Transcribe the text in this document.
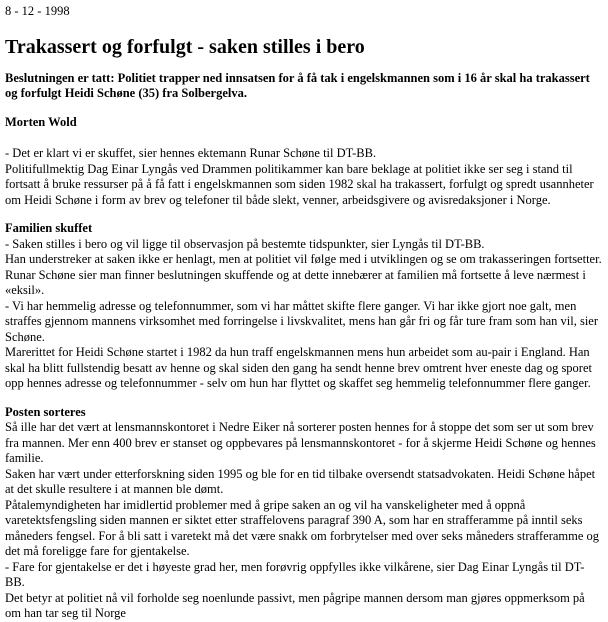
8 - 12 - 1998
Trakassert og forfulgt - saken stilles i bero
Beslutningen er tatt: Politiet trapper ned innsatsen for å få tak i engelskmannen som i 16 år skal ha trakassert og forfulgt Heidi Schøne (35) fra Solbergelva.
Morten Wold

- Det er klart vi er skuffet, sier hennes ektemann Runar Schøne til DT-BB.

Politifullmektig Dag Einar Lyngås ved Drammen politikammer kan bare beklage at politiet ikke ser seg i stand til fortsatt å bruke ressurser på å få fatt i engelskmannen som siden 1982 skal ha trakassert, forfulgt og spredt usannheter om Heidi Schøne i form av brev og telefoner til både slekt, venner, arbeidsgivere og avisredaksjoner i Norge.

Familien skuffet

- Saken stilles i bero og vil ligge til observasjon på bestemte tidspunkter, sier Lyngås til DT-BB.

Han understreker at saken ikke er henlagt, men at politiet vil følge med i utviklingen og se om trakasseringen fortsetter.

Runar Schøne sier man finner beslutningen skuffende og at dette innebærer at familien må fortsette å leve nærmest i «eksil».

- Vi har hemmelig adresse og telefonnummer, som vi har måttet skifte flere ganger. Vi har ikke gjort noe galt, men straffes gjennom mannens virksomhet med forringelse i livskvalitet, mens han går fri og får ture fram som han vil, sier Schøne.

Mareritt​et for Heidi Schøne startet i 1982 da hun traff engelskmannen mens hun arbeidet som au-pair i England. Han skal ha blitt fullstendig besatt av henne og skal siden den gang ha sendt henne brev omtrent hver eneste dag og sporet opp hennes adresse og telefonnummer - selv om hun har flyttet og skaffet seg hemmelig telefonnummer flere ganger.

Posten sorteres

Så ille har det vært at lensmannskontoret i Nedre Eiker nå sorterer posten hennes for å stoppe det som ser ut som brev fra mannen. Mer enn 400 brev er stanset og oppbevares på lensmannskontoret - for å skjerme Heidi Schøne og hennes familie.

Saken har vært under etterforskning siden 1995 og ble for en tid tilbake oversendt statsadvokaten. Heidi Schøne håpet at det skulle resultere i at mannen ble dømt.

Påtalemyndigheten har imidlertid problemer med å gripe saken an og vil ha vanskeligheter med å oppnå varetektsfengsling siden mannen er siktet etter straffelovens paragraf 390 A, som har en strafferamme på inntil seks måneders fengsel. For å bli satt i varetekt må det være snakk om forbrytelser med over seks måneders strafferamme og det må foreligge fare for gjentakelse.

- Fare for gjentakelse er det i høyeste grad her, men forøvrig oppfylles ikke vilkårene, sier Dag Einar Lyngås til DT-BB.

Det betyr at politiet nå vil forholde seg noenlunde passivt, men pågripe mannen dersom man gjøres oppmerksom på om han tar seg til Norge
